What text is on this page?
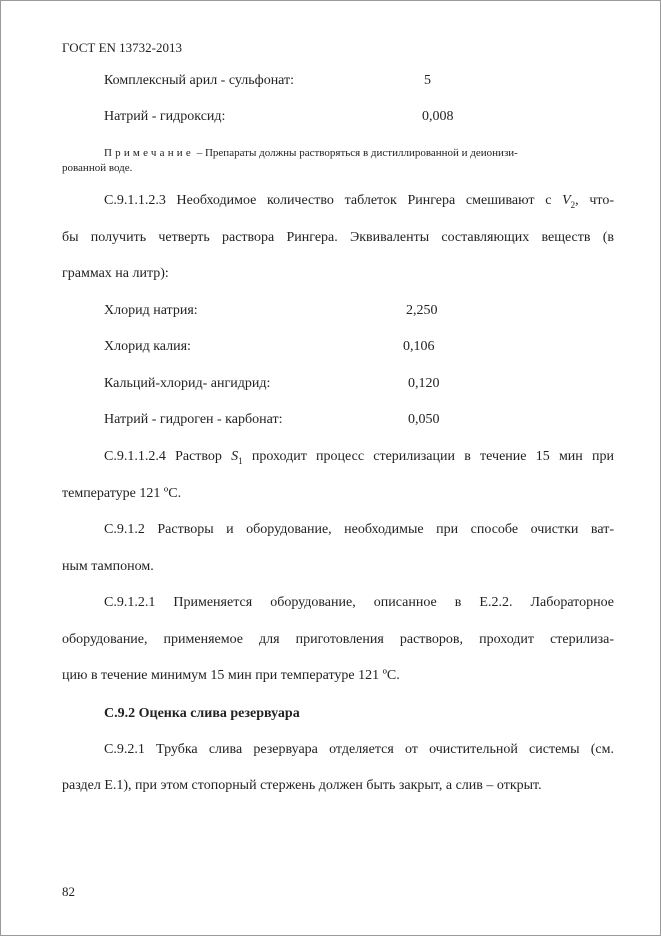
ГОСТ EN 13732-2013
Комплексный арил - сульфонат:	5
Натрий - гидроксид:	0,008
Примечание – Препараты должны растворяться в дистиллированной и деионизи-
рованной воде.
С.9.1.1.2.3 Необходимое количество таблеток Рингера смешивают с $V_2$, что-
бы получить четверть раствора Рингера. Эквиваленты составляющих веществ (в
граммах на литр):
Хлорид натрия:	2,250
Хлорид калия:	0,106
Кальций-хлорид- ангидрид:	0,120
Натрий - гидроген - карбонат:	0,050
С.9.1.1.2.4 Раствор $S_1$ проходит процесс стерилизации в течение 15 мин при
температуре 121 ºС.
С.9.1.2 Растворы и оборудование, необходимые при способе очистки ват-
ным тампоном.
С.9.1.2.1 Применяется оборудование, описанное в Е.2.2. Лабораторное
оборудование, применяемое для приготовления растворов, проходит стерилиза-
цию в течение минимум 15 мин при температуре 121 ºС.
С.9.2 Оценка слива резервуара
С.9.2.1 Трубка слива резервуара отделяется от очистительной системы (см.
раздел Е.1), при этом стопорный стержень должен быть закрыт, а слив – открыт.
82
